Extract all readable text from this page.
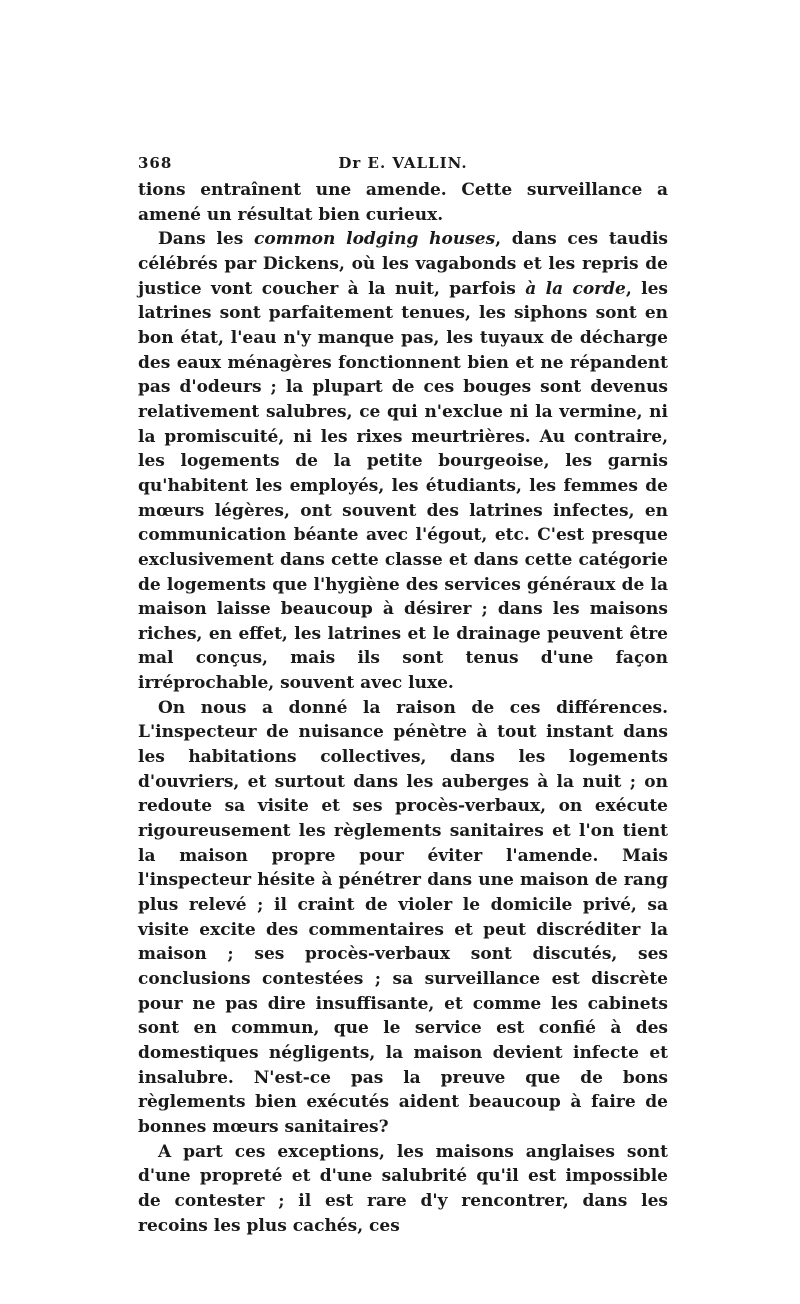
368	Dr E. VALLIN.

tions entraînent une amende. Cette surveillance a amené un résultat bien curieux.

Dans les common lodging houses, dans ces taudis célébrés par Dickens, où les vagabonds et les repris de justice vont coucher à la nuit, parfois à la corde, les latrines sont parfaitement tenues, les siphons sont en bon état, l'eau n'y manque pas, les tuyaux de décharge des eaux ménagères fonctionnent bien et ne répandent pas d'odeurs ; la plupart de ces bouges sont devenus relativement salubres, ce qui n'exclue ni la vermine, ni la promiscuité, ni les rixes meurtrières. Au contraire, les logements de la petite bourgeoise, les garnis qu'habitent les employés, les étudiants, les femmes de mœurs légères, ont souvent des latrines infectes, en communication béante avec l'égout, etc. C'est presque exclusivement dans cette classe et dans cette catégorie de logements que l'hygiène des services généraux de la maison laisse beaucoup à désirer ; dans les maisons riches, en effet, les latrines et le drainage peuvent être mal conçus, mais ils sont tenus d'une façon irréprochable, souvent avec luxe.

On nous a donné la raison de ces différences. L'inspecteur de nuisance pénètre à tout instant dans les habitations collectives, dans les logements d'ouvriers, et surtout dans les auberges à la nuit ; on redoute sa visite et ses procès-verbaux, on exécute rigoureusement les règlements sanitaires et l'on tient la maison propre pour éviter l'amende. Mais l'inspecteur hésite à pénétrer dans une maison de rang plus relevé ; il craint de violer le domicile privé, sa visite excite des commentaires et peut discréditer la maison ; ses procès-verbaux sont discutés, ses conclusions contestées ; sa surveillance est discrète pour ne pas dire insuffisante, et comme les cabinets sont en commun, que le service est confié à des domestiques négligents, la maison devient infecte et insalubre. N'est-ce pas la preuve que de bons règlements bien exécutés aident beaucoup à faire de bonnes mœurs sanitaires?

A part ces exceptions, les maisons anglaises sont d'une propreté et d'une salubrité qu'il est impossible de contester ; il est rare d'y rencontrer, dans les recoins les plus cachés, ces
